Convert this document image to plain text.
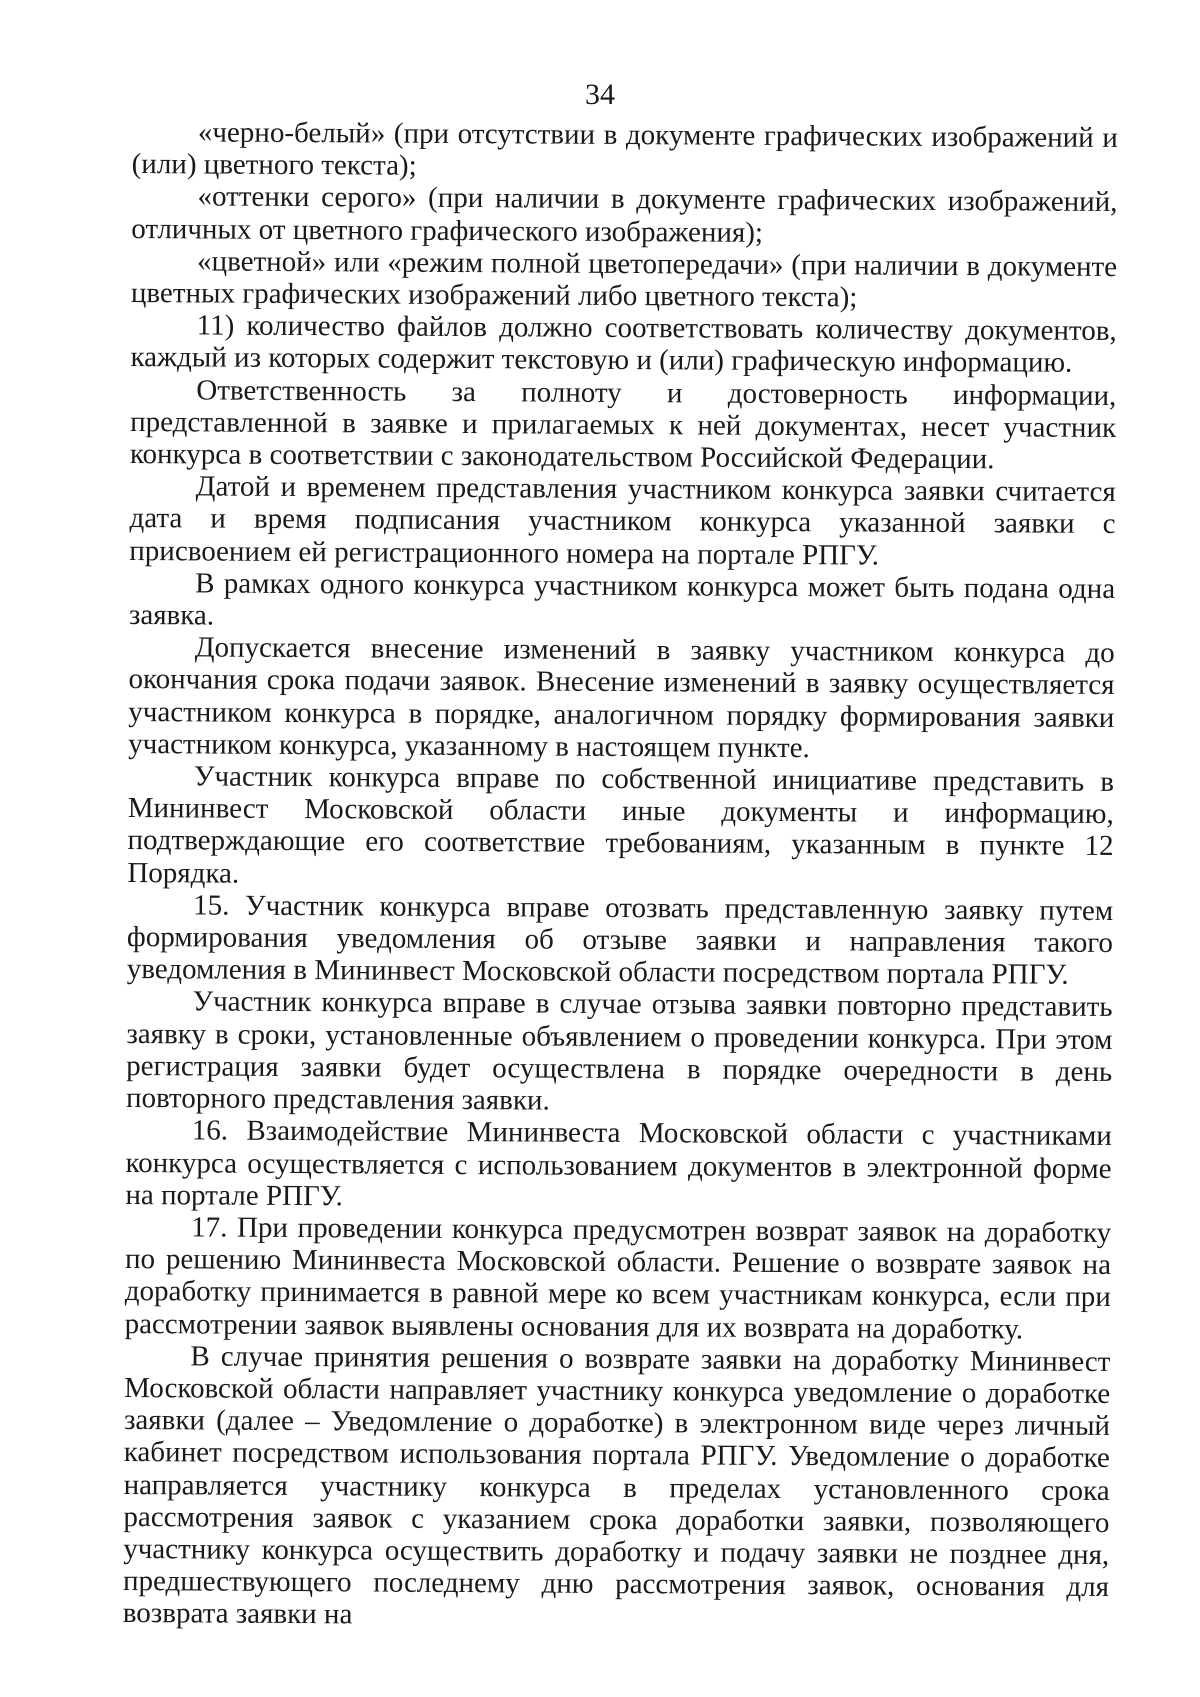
34

«черно-белый» (при отсутствии в документе графических изображений и (или) цветного текста);

«оттенки серого» (при наличии в документе графических изображений, отличных от цветного графического изображения);

«цветной» или «режим полной цветопередачи» (при наличии в документе цветных графических изображений либо цветного текста);

11) количество файлов должно соответствовать количеству документов, каждый из которых содержит текстовую и (или) графическую информацию.

Ответственность за полноту и достоверность информации, представленной в заявке и прилагаемых к ней документах, несет участник конкурса в соответствии с законодательством Российской Федерации.

Датой и временем представления участником конкурса заявки считается дата и время подписания участником конкурса указанной заявки с присвоением ей регистрационного номера на портале РПГУ.

В рамках одного конкурса участником конкурса может быть подана одна заявка.

Допускается внесение изменений в заявку участником конкурса до окончания срока подачи заявок. Внесение изменений в заявку осуществляется участником конкурса в порядке, аналогичном порядку формирования заявки участником конкурса, указанному в настоящем пункте.

Участник конкурса вправе по собственной инициативе представить в Мининвест Московской области иные документы и информацию, подтверждающие его соответствие требованиям, указанным в пункте 12 Порядка.

15. Участник конкурса вправе отозвать представленную заявку путем формирования уведомления об отзыве заявки и направления такого уведомления в Мининвест Московской области посредством портала РПГУ.

Участник конкурса вправе в случае отзыва заявки повторно представить заявку в сроки, установленные объявлением о проведении конкурса. При этом регистрация заявки будет осуществлена в порядке очередности в день повторного представления заявки.

16. Взаимодействие Мининвеста Московской области с участниками конкурса осуществляется с использованием документов в электронной форме на портале РПГУ.

17. При проведении конкурса предусмотрен возврат заявок на доработку по решению Мининвеста Московской области. Решение о возврате заявок на доработку принимается в равной мере ко всем участникам конкурса, если при рассмотрении заявок выявлены основания для их возврата на доработку.

В случае принятия решения о возврате заявки на доработку Мининвест Московской области направляет участнику конкурса уведомление о доработке заявки (далее – Уведомление о доработке) в электронном виде через личный кабинет посредством использования портала РПГУ. Уведомление о доработке направляется участнику конкурса в пределах установленного срока рассмотрения заявок с указанием срока доработки заявки, позволяющего участнику конкурса осуществить доработку и подачу заявки не позднее дня, предшествующего последнему дню рассмотрения заявок, основания для возврата заявки на
